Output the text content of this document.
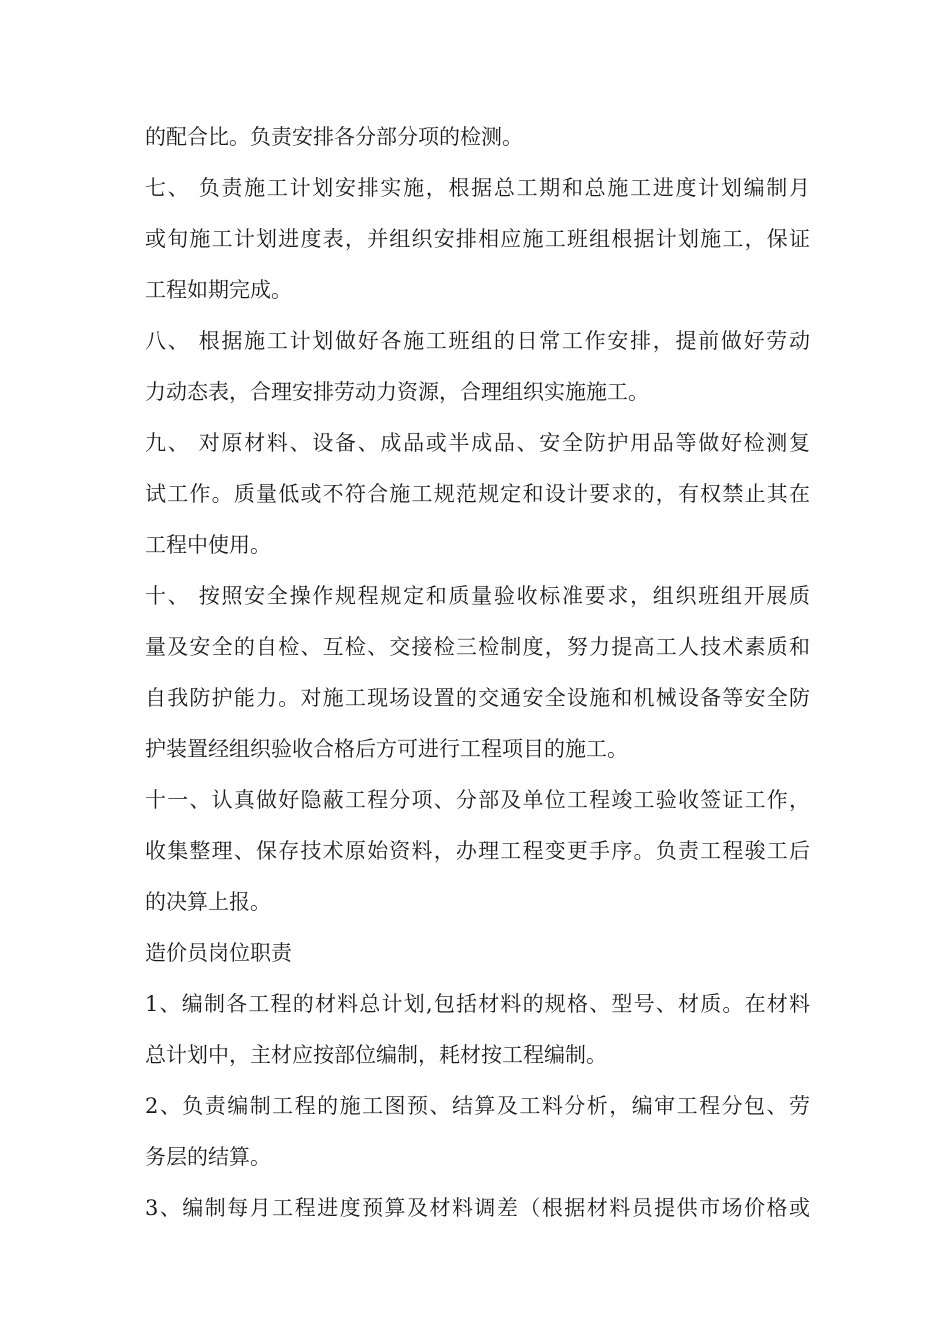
的配合比。负责安排各分部分项的检测。
七、 负责施工计划安排实施，根据总工期和总施工进度计划编制月
或旬施工计划进度表，并组织安排相应施工班组根据计划施工，保证
工程如期完成。
八、 根据施工计划做好各施工班组的日常工作安排，提前做好劳动
力动态表，合理安排劳动力资源，合理组织实施施工。
九、 对原材料、设备、成品或半成品、安全防护用品等做好检测复
试工作。质量低或不符合施工规范规定和设计要求的，有权禁止其在
工程中使用。
十、 按照安全操作规程规定和质量验收标准要求，组织班组开展质
量及安全的自检、互检、交接检三检制度，努力提高工人技术素质和
自我防护能力。对施工现场设置的交通安全设施和机械设备等安全防
护装置经组织验收合格后方可进行工程项目的施工。
十一、认真做好隐蔽工程分项、分部及单位工程竣工验收签证工作，
收集整理、保存技术原始资料，办理工程变更手序。负责工程骏工后
的决算上报。
造价员岗位职责
1、编制各工程的材料总计划,包括材料的规格、型号、材质。在材料
总计划中，主材应按部位编制，耗材按工程编制。
2、负责编制工程的施工图预、结算及工料分析，编审工程分包、劳
务层的结算。
3、编制每月工程进度预算及材料调差（根据材料员提供市场价格或
